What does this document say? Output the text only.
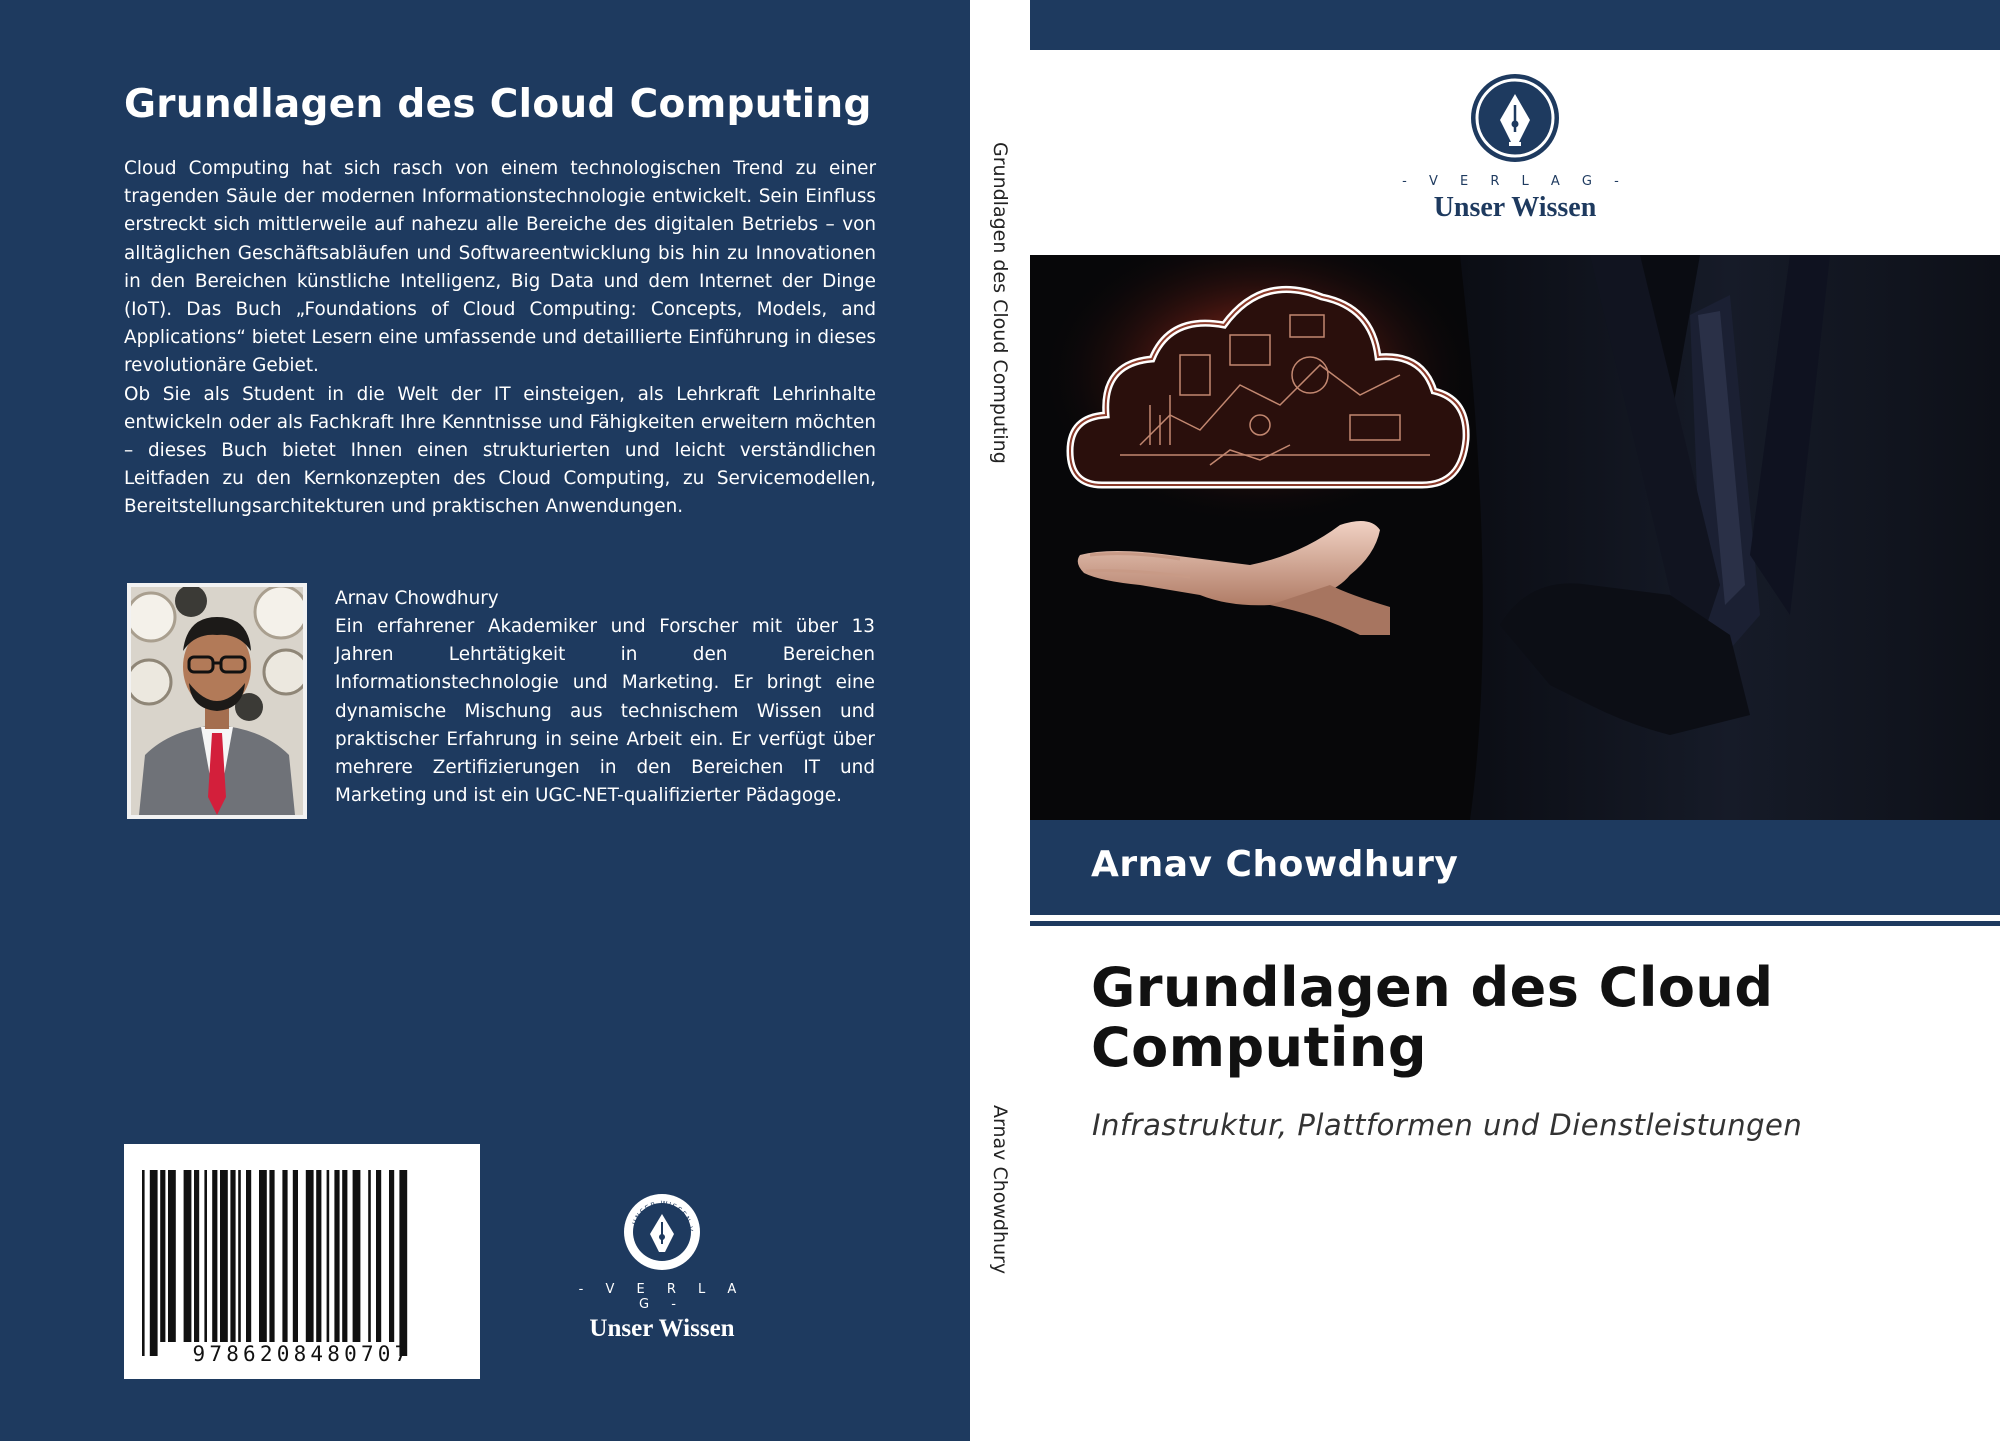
Grundlagen des Cloud Computing

Cloud Computing hat sich rasch von einem technologischen Trend zu einer tragenden Säule der modernen Informationstechnologie entwickelt. Sein Einfluss erstreckt sich mittlerweile auf nahezu alle Bereiche des digitalen Betriebs – von alltäglichen Geschäftsabläufen und Softwareentwicklung bis hin zu Innovationen in den Bereichen künstliche Intelligenz, Big Data und dem Internet der Dinge (IoT). Das Buch „Foundations of Cloud Computing: Concepts, Models, and Applications“ bietet Lesern eine umfassende und detaillierte Einführung in dieses revolutionäre Gebiet.

Ob Sie als Student in die Welt der IT einsteigen, als Lehrkraft Lehrinhalte entwickeln oder als Fachkraft Ihre Kenntnisse und Fähigkeiten erweitern möchten – dieses Buch bietet Ihnen einen strukturierten und leicht verständlichen Leitfaden zu den Kernkonzepten des Cloud Computing, zu Servicemodellen, Bereitstellungsarchitekturen und praktischen Anwendungen.

Arnav Chowdhury
Ein erfahrener Akademiker und Forscher mit über 13 Jahren Lehrtätigkeit in den Bereichen Informationstechnologie und Marketing. Er bringt eine dynamische Mischung aus technischem Wissen und praktischer Erfahrung in seine Arbeit ein. Er verfügt über mehrere Zertifizierungen in den Bereichen IT und Marketing und ist ein UGC-NET-qualifizierter Pädagoge.
9786208480707
UNSER WISSEN V
- V E R L A G -
Unser Wissen
Grundlagen des Cloud Computing
Arnav Chowdhury
- V E R L A G -
Unser Wissen
Arnav Chowdhury
Grundlagen des Cloud Computing
Infrastruktur, Plattformen und Dienstleistungen
